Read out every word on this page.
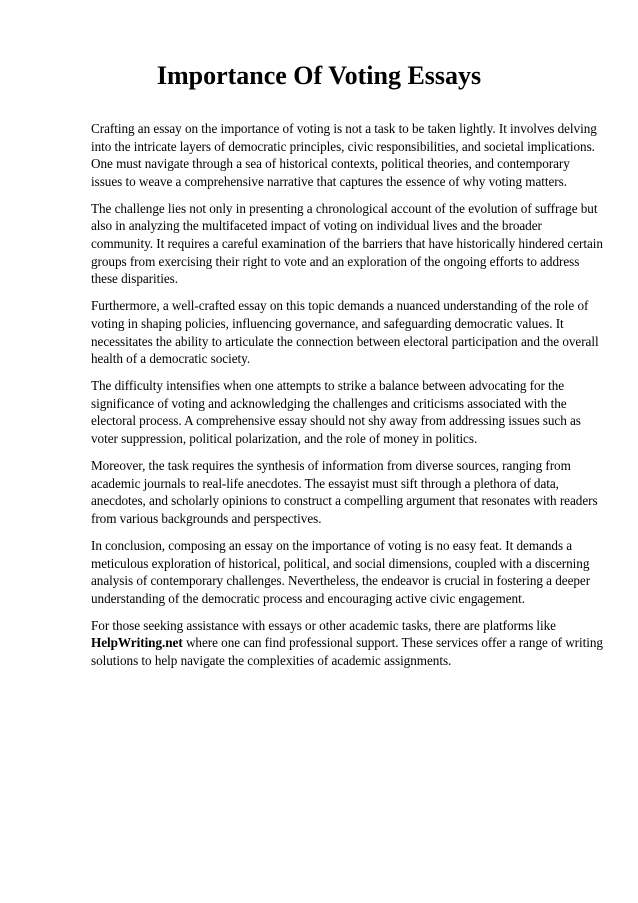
Importance Of Voting Essays

Crafting an essay on the importance of voting is not a task to be taken lightly. It involves delving into the intricate layers of democratic principles, civic responsibilities, and societal implications. One must navigate through a sea of historical contexts, political theories, and contemporary issues to weave a comprehensive narrative that captures the essence of why voting matters.

The challenge lies not only in presenting a chronological account of the evolution of suffrage but also in analyzing the multifaceted impact of voting on individual lives and the broader community. It requires a careful examination of the barriers that have historically hindered certain groups from exercising their right to vote and an exploration of the ongoing efforts to address these disparities.

Furthermore, a well-crafted essay on this topic demands a nuanced understanding of the role of voting in shaping policies, influencing governance, and safeguarding democratic values. It necessitates the ability to articulate the connection between electoral participation and the overall health of a democratic society.

The difficulty intensifies when one attempts to strike a balance between advocating for the significance of voting and acknowledging the challenges and criticisms associated with the electoral process. A comprehensive essay should not shy away from addressing issues such as voter suppression, political polarization, and the role of money in politics.

Moreover, the task requires the synthesis of information from diverse sources, ranging from academic journals to real-life anecdotes. The essayist must sift through a plethora of data, anecdotes, and scholarly opinions to construct a compelling argument that resonates with readers from various backgrounds and perspectives.

In conclusion, composing an essay on the importance of voting is no easy feat. It demands a meticulous exploration of historical, political, and social dimensions, coupled with a discerning analysis of contemporary challenges. Nevertheless, the endeavor is crucial in fostering a deeper understanding of the democratic process and encouraging active civic engagement.

For those seeking assistance with essays or other academic tasks, there are platforms like
HelpWriting.net where one can find professional support. These services offer a range of writing solutions to help navigate the complexities of academic assignments.
